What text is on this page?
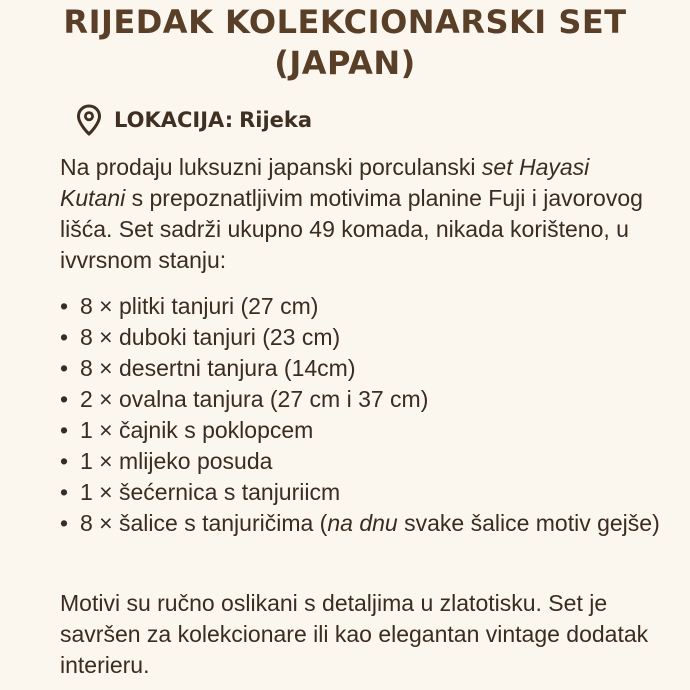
RIJEDAK KOLEKCIONARSKI SET
(JAPAN)
LOKACIJA: Rijeka

Na prodaju luksuzni japanski porculanski set Hayasi Kutani s prepoznatljivim motivima planine Fuji i javorovog lišća. Set sadrži ukupno 49 komada, nikada korišteno, u ivvrsnom stanju:

• 8 × plitki tanjuri (27 cm)
• 8 × duboki tanjuri (23 cm)
• 8 × desertni tanjura (14cm)
• 2 × ovalna tanjura (27 cm i 37 cm)
• 1 × čajnik s poklopcem
• 1 × mlijeko posuda
• 1 × šećernica s tanjuriicm
• 8 × šalice s tanjuričima (na dnu svake šalice motiv gejše)

Motivi su ručno oslikani s detaljima u zlatotisku. Set je savršen za kolekcionare ili kao elegantan vintage dodatak interieru.
